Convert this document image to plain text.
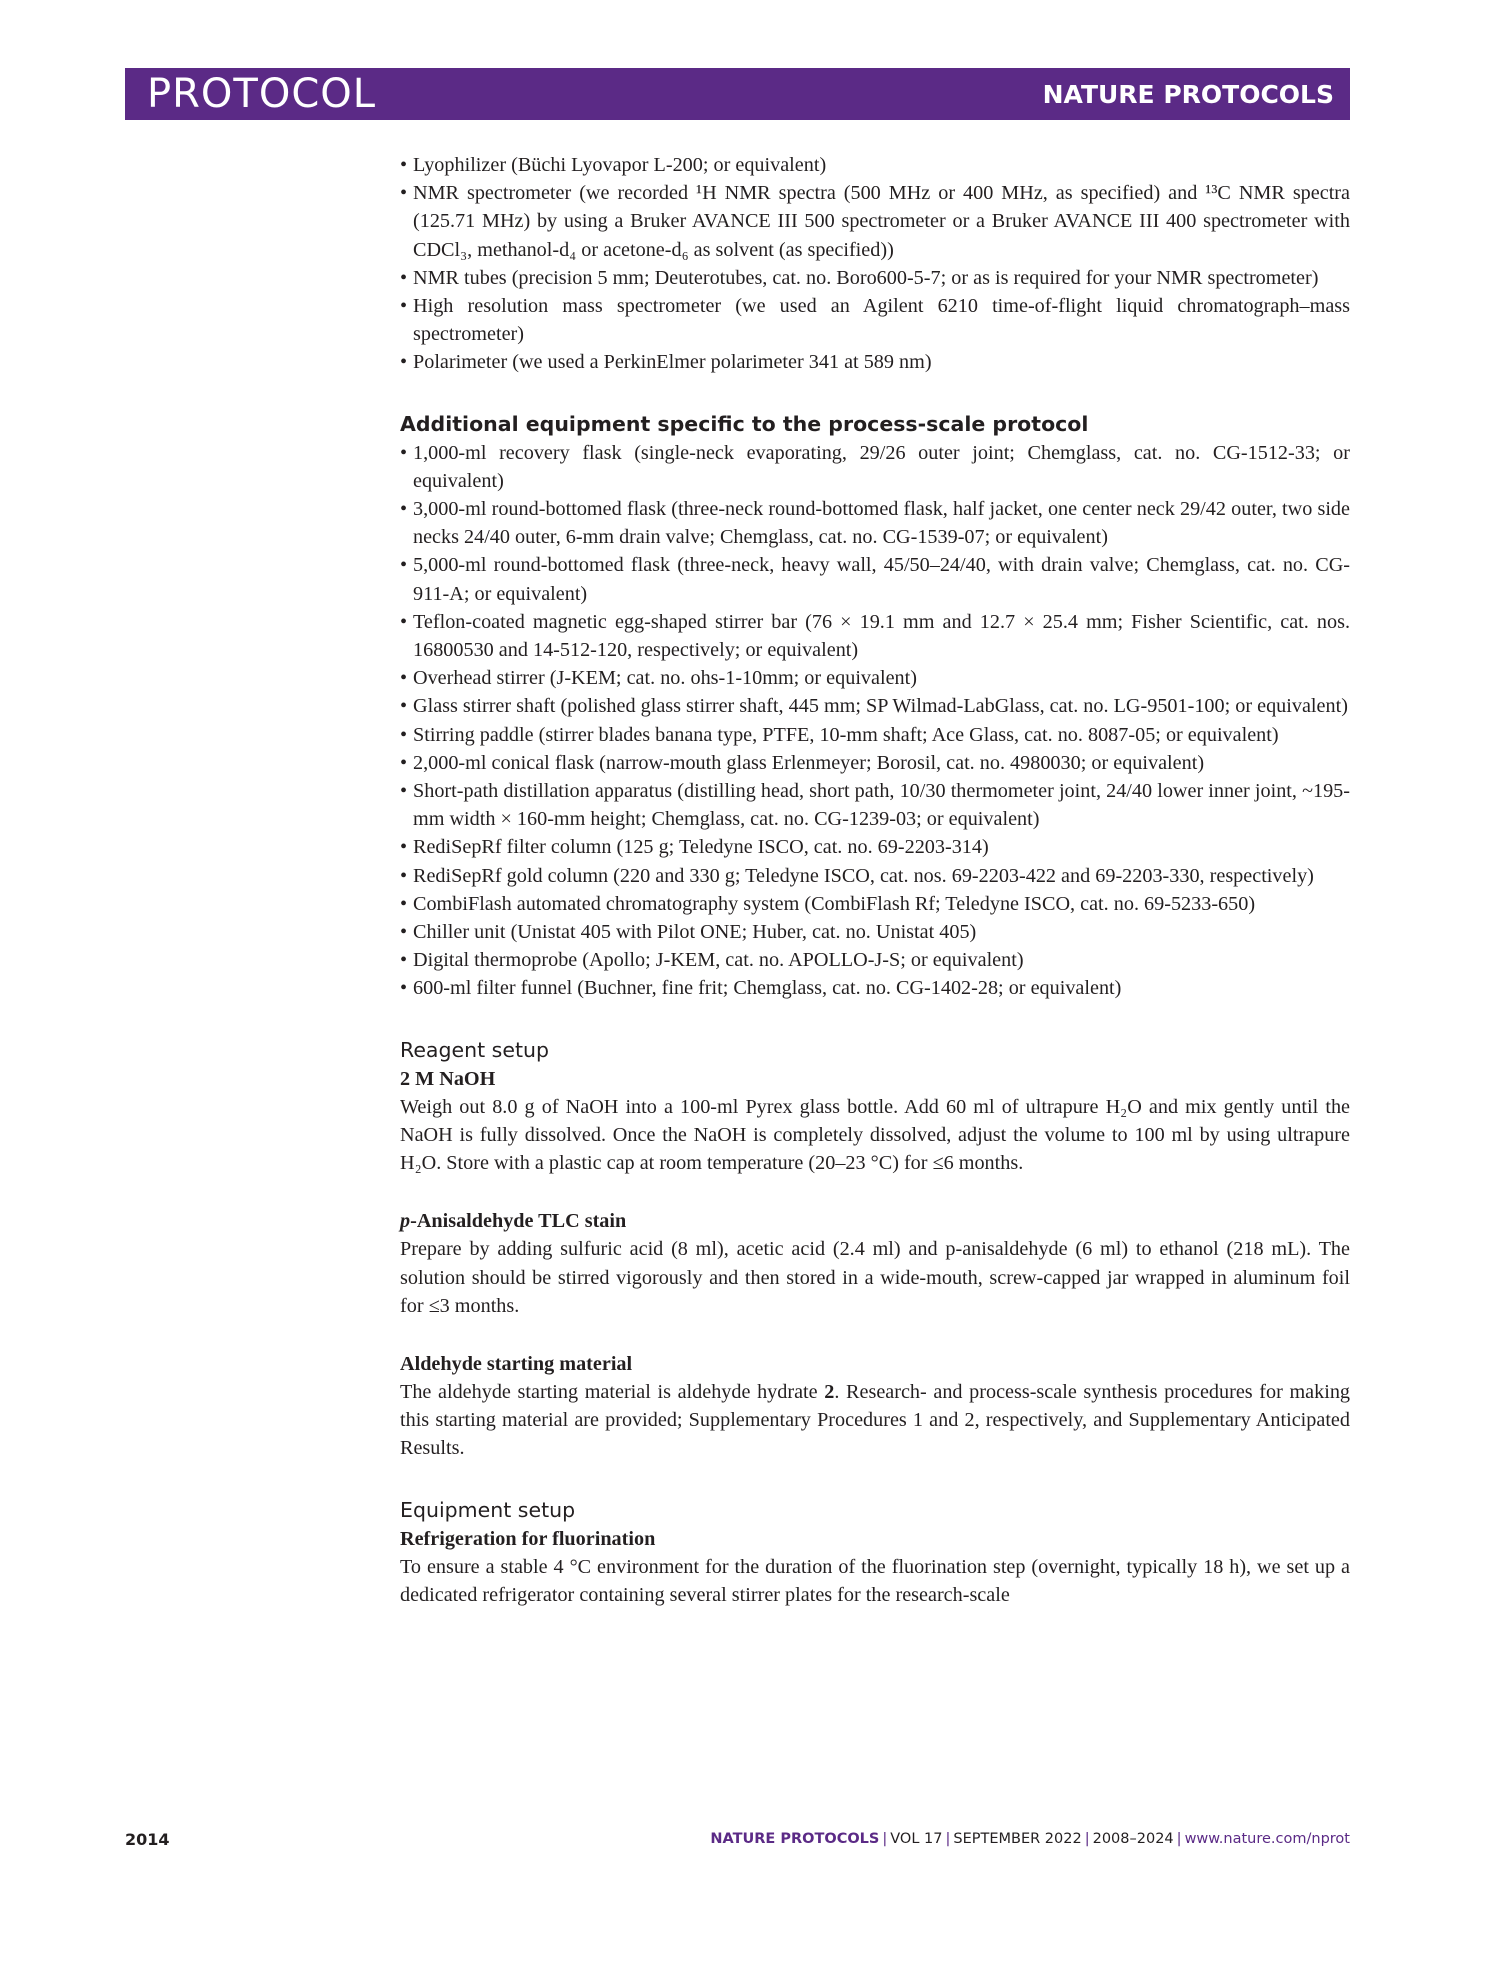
PROTOCOL	NATURE PROTOCOLS
• Lyophilizer (Büchi Lyovapor L-200; or equivalent)
• NMR spectrometer (we recorded ¹H NMR spectra (500 MHz or 400 MHz, as specified) and ¹³C NMR spectra (125.71 MHz) by using a Bruker AVANCE III 500 spectrometer or a Bruker AVANCE III 400 spectrometer with CDCl₃, methanol-d₄ or acetone-d₆ as solvent (as specified))
• NMR tubes (precision 5 mm; Deuterotubes, cat. no. Boro600-5-7; or as is required for your NMR spectrometer)
• High resolution mass spectrometer (we used an Agilent 6210 time-of-flight liquid chromatograph–mass spectrometer)
• Polarimeter (we used a PerkinElmer polarimeter 341 at 589 nm)
Additional equipment specific to the process-scale protocol
• 1,000-ml recovery flask (single-neck evaporating, 29/26 outer joint; Chemglass, cat. no. CG-1512-33; or equivalent)
• 3,000-ml round-bottomed flask (three-neck round-bottomed flask, half jacket, one center neck 29/42 outer, two side necks 24/40 outer, 6-mm drain valve; Chemglass, cat. no. CG-1539-07; or equivalent)
• 5,000-ml round-bottomed flask (three-neck, heavy wall, 45/50–24/40, with drain valve; Chemglass, cat. no. CG-911-A; or equivalent)
• Teflon-coated magnetic egg-shaped stirrer bar (76 × 19.1 mm and 12.7 × 25.4 mm; Fisher Scientific, cat. nos. 16800530 and 14-512-120, respectively; or equivalent)
• Overhead stirrer (J-KEM; cat. no. ohs-1-10mm; or equivalent)
• Glass stirrer shaft (polished glass stirrer shaft, 445 mm; SP Wilmad-LabGlass, cat. no. LG-9501-100; or equivalent)
• Stirring paddle (stirrer blades banana type, PTFE, 10-mm shaft; Ace Glass, cat. no. 8087-05; or equivalent)
• 2,000-ml conical flask (narrow-mouth glass Erlenmeyer; Borosil, cat. no. 4980030; or equivalent)
• Short-path distillation apparatus (distilling head, short path, 10/30 thermometer joint, 24/40 lower inner joint, ~195-mm width × 160-mm height; Chemglass, cat. no. CG-1239-03; or equivalent)
• RediSepRf filter column (125 g; Teledyne ISCO, cat. no. 69-2203-314)
• RediSepRf gold column (220 and 330 g; Teledyne ISCO, cat. nos. 69-2203-422 and 69-2203-330, respectively)
• CombiFlash automated chromatography system (CombiFlash Rf; Teledyne ISCO, cat. no. 69-5233-650)
• Chiller unit (Unistat 405 with Pilot ONE; Huber, cat. no. Unistat 405)
• Digital thermoprobe (Apollo; J-KEM, cat. no. APOLLO-J-S; or equivalent)
• 600-ml filter funnel (Buchner, fine frit; Chemglass, cat. no. CG-1402-28; or equivalent)
Reagent setup
2 M NaOH

Weigh out 8.0 g of NaOH into a 100-ml Pyrex glass bottle. Add 60 ml of ultrapure H₂O and mix gently until the NaOH is fully dissolved. Once the NaOH is completely dissolved, adjust the volume to 100 ml by using ultrapure H₂O. Store with a plastic cap at room temperature (20–23 °C) for ≤6 months.

p-Anisaldehyde TLC stain

Prepare by adding sulfuric acid (8 ml), acetic acid (2.4 ml) and p-anisaldehyde (6 ml) to ethanol (218 mL). The solution should be stirred vigorously and then stored in a wide-mouth, screw-capped jar wrapped in aluminum foil for ≤3 months.

Aldehyde starting material

The aldehyde starting material is aldehyde hydrate 2. Research- and process-scale synthesis procedures for making this starting material are provided; Supplementary Procedures 1 and 2, respectively, and Supplementary Anticipated Results.

Equipment setup
Refrigeration for fluorination

To ensure a stable 4 °C environment for the duration of the fluorination step (overnight, typically 18 h), we set up a dedicated refrigerator containing several stirrer plates for the research-scale

2014	NATURE PROTOCOLS | VOL 17 | SEPTEMBER 2022 | 2008–2024 | www.nature.com/nprot
